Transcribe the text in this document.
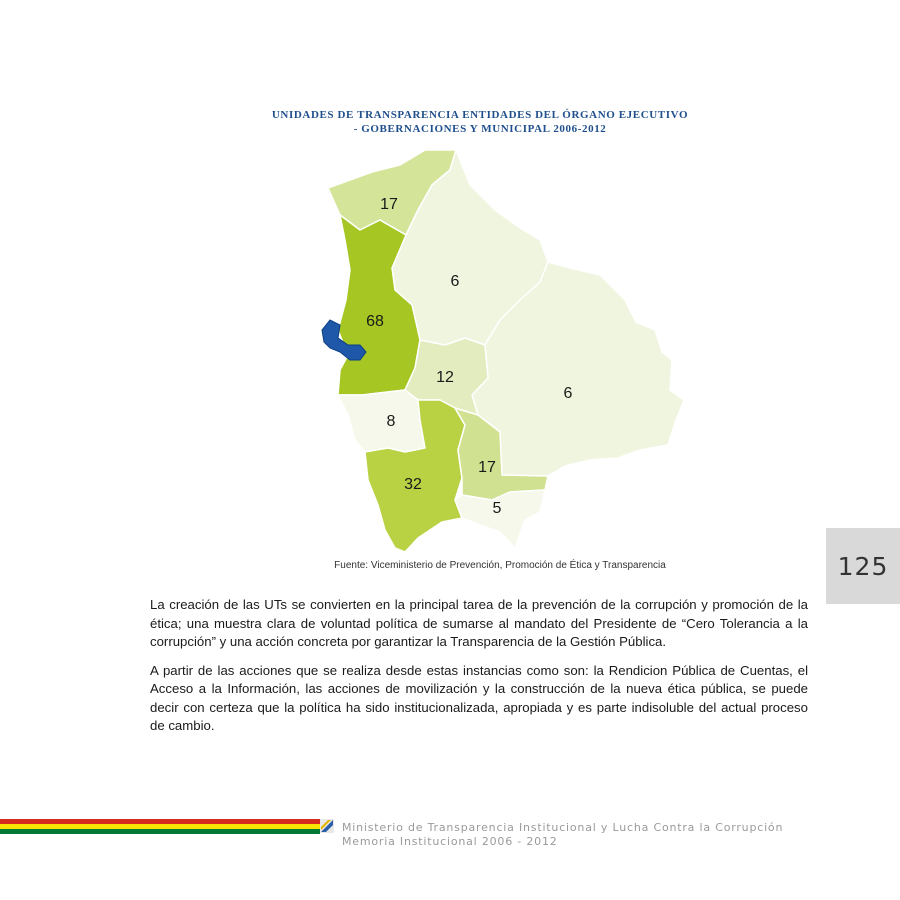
UNIDADES DE TRANSPARENCIA ENTIDADES DEL ÓRGANO EJECUTIVO
- GOBERNACIONES Y MUNICIPAL 2006-2012
17
68
6
12
6
8
32
17
5
Fuente: Viceministerio de Prevención, Promoción de Ética y Transparencia	125

La creación de las UTs se convierten en la principal tarea de la prevención de la corrupción y promoción de la ética; una muestra clara de voluntad política de sumarse al mandato del Presidente de “Cero Tolerancia a la corrupción” y una acción concreta por garantizar la Transparencia de la Gestión Pública.

A partir de las acciones que se realiza desde estas instancias como son: la Rendicion Pública de Cuentas, el Acceso a la Información, las acciones de movilización y la construcción de la nueva ética pública, se puede decir con certeza que la política ha sido institucionalizada, apropiada y es parte indisoluble del actual proceso de cambio.

Ministerio de Transparencia Institucional y Lucha Contra la Corrupción
Memoria Institucional 2006 - 2012
